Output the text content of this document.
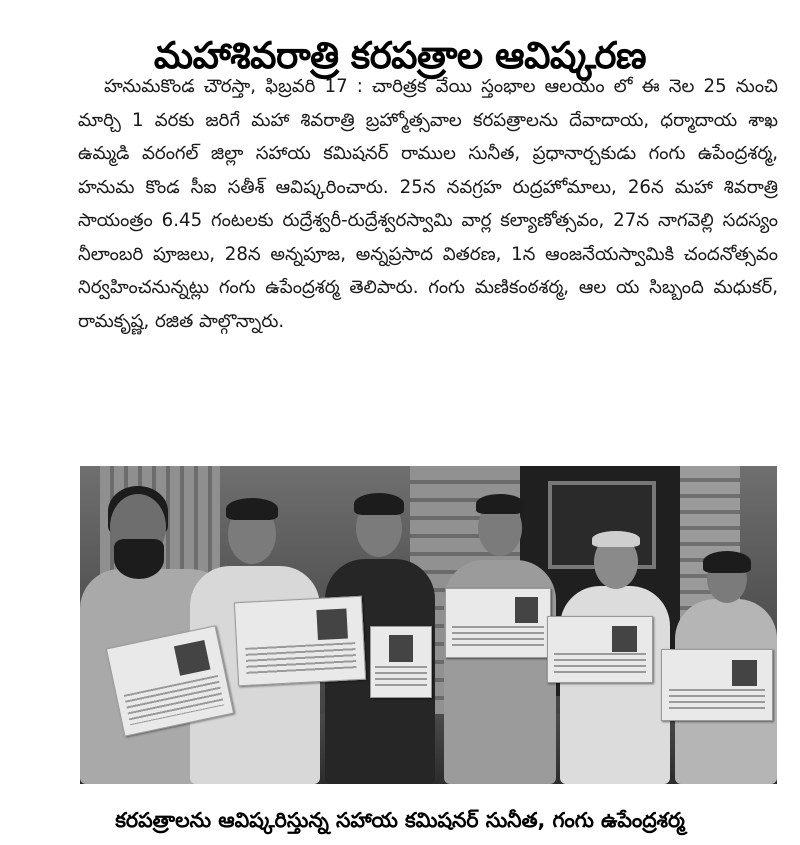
మహాశివరాత్రి కరపత్రాల ఆవిష్కరణ

హనుమకొండ చౌరస్తా, ఫిబ్రవరి 17 : చారిత్రక వేయి స్తంభాల ఆలయం లో ఈ నెల 25 నుంచి మార్చి 1 వరకు జరిగే మహా శివరాత్రి బ్రహ్మోత్సవాల కరపత్రాలను దేవాదాయ, ధర్మాదాయ శాఖ ఉమ్మడి వరంగల్ జిల్లా సహాయ కమిషనర్ రాముల సునీత, ప్రధానార్చకుడు గంగు ఉపేంద్రశర్మ, హనుమ కొండ సీఐ సతీశ్ ఆవిష్కరించారు. 25న నవగ్రహ రుద్రహోమాలు, 26న మహా శివరాత్రి సాయంత్రం 6.45 గంటలకు రుద్రేశ్వరీ-రుద్రేశ్వరస్వామి వార్ల కల్యాణోత్సవం, 27న నాగవెల్లి సదస్యం నీలాంబరి పూజలు, 28న అన్నపూజ, అన్నప్రసాద వితరణ, 1న ఆంజనేయస్వామికి చందనోత్సవం నిర్వహించనున్నట్లు గంగు ఉపేంద్రశర్మ తెలిపారు. గంగు మణికంఠశర్మ, ఆల య సిబ్బంది మధుకర్, రామకృష్ణ, రజిత పాల్గొన్నారు.

కరపత్రాలను ఆవిష్కరిస్తున్న సహాయ కమిషనర్ సునీత, గంగు ఉపేంద్రశర్మ
